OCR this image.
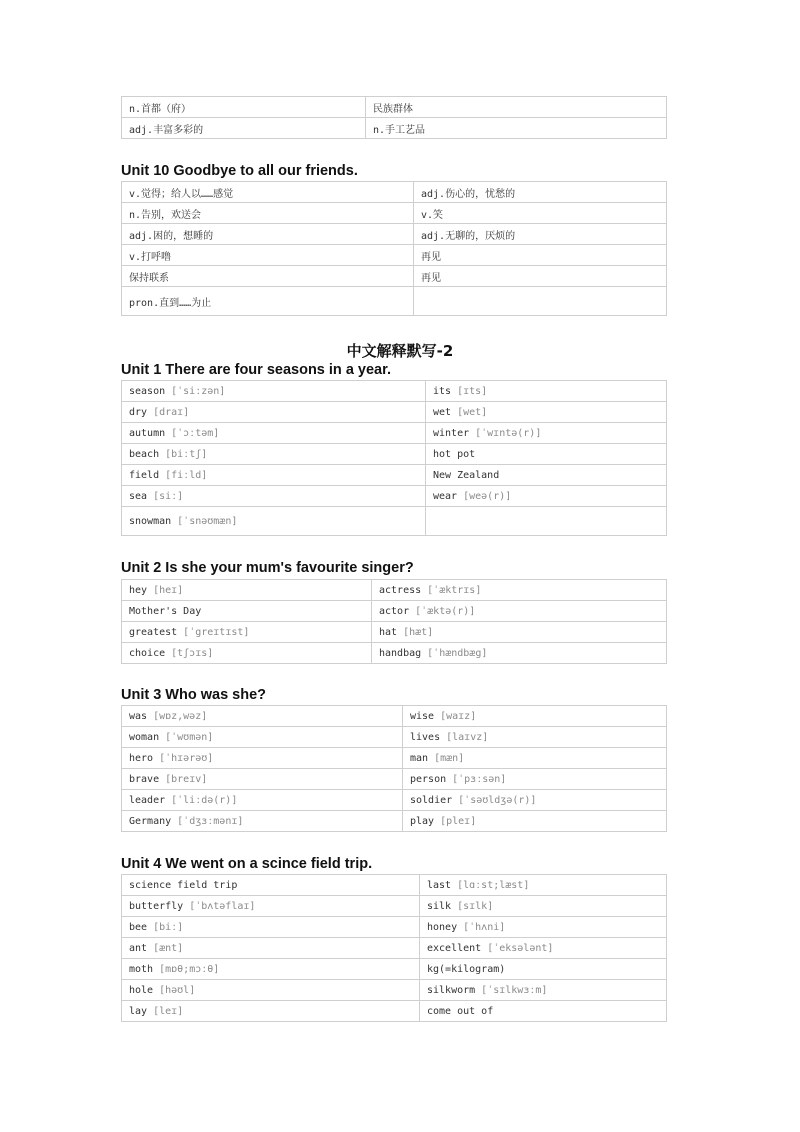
n.首都（府）	民族群体
adj.丰富多彩的	n.手工艺品
Unit 10 Goodbye to all our friends.
v.觉得；给人以……感觉	adj.伤心的，忧愁的
n.告别，欢送会	v.笑
adj.困的，想睡的	adj.无聊的，厌烦的
v.打呼噜	再见
保持联系	再见
pron.直到……为止	
中文解释默写-2
Unit 1 There are four seasons in a year.
season [ˈsiːzən]	its [ɪts]
dry [draɪ]	wet [wet]
autumn [ˈɔːtəm]	winter [ˈwɪntə(r)]
beach [biːtʃ]	hot pot
field [fiːld]	New Zealand
sea [siː]	wear [weə(r)]
snowman [ˈsnəʊmæn]	
Unit 2 Is she your mum's favourite singer?
hey [heɪ]	actress [ˈæktrɪs]
Mother's Day	actor [ˈæktə(r)]
greatest [ˈgreɪtɪst]	hat [hæt]
choice [tʃɔɪs]	handbag [ˈhændbæg]
Unit 3 Who was she?
was [wɒz,wəz]	wise [waɪz]
woman [ˈwʊmən]	lives [laɪvz]
hero [ˈhɪərəʊ]	man [mæn]
brave [breɪv]	person [ˈpɜːsən]
leader [ˈliːdə(r)]	soldier [ˈsəʊldʒə(r)]
Germany [ˈdʒɜːmənɪ]	play [pleɪ]
Unit 4 We went on a scince field trip.
science field trip	last [lɑːst;læst]
butterfly [ˈbʌtəflaɪ]	silk [sɪlk]
bee [biː]	honey [ˈhʌni]
ant [ænt]	excellent [ˈeksələnt]
moth [mɒθ;mɔːθ]	kg(=kilogram)
hole [həʊl]	silkworm [ˈsɪlkwɜːm]
lay [leɪ]	come out of
